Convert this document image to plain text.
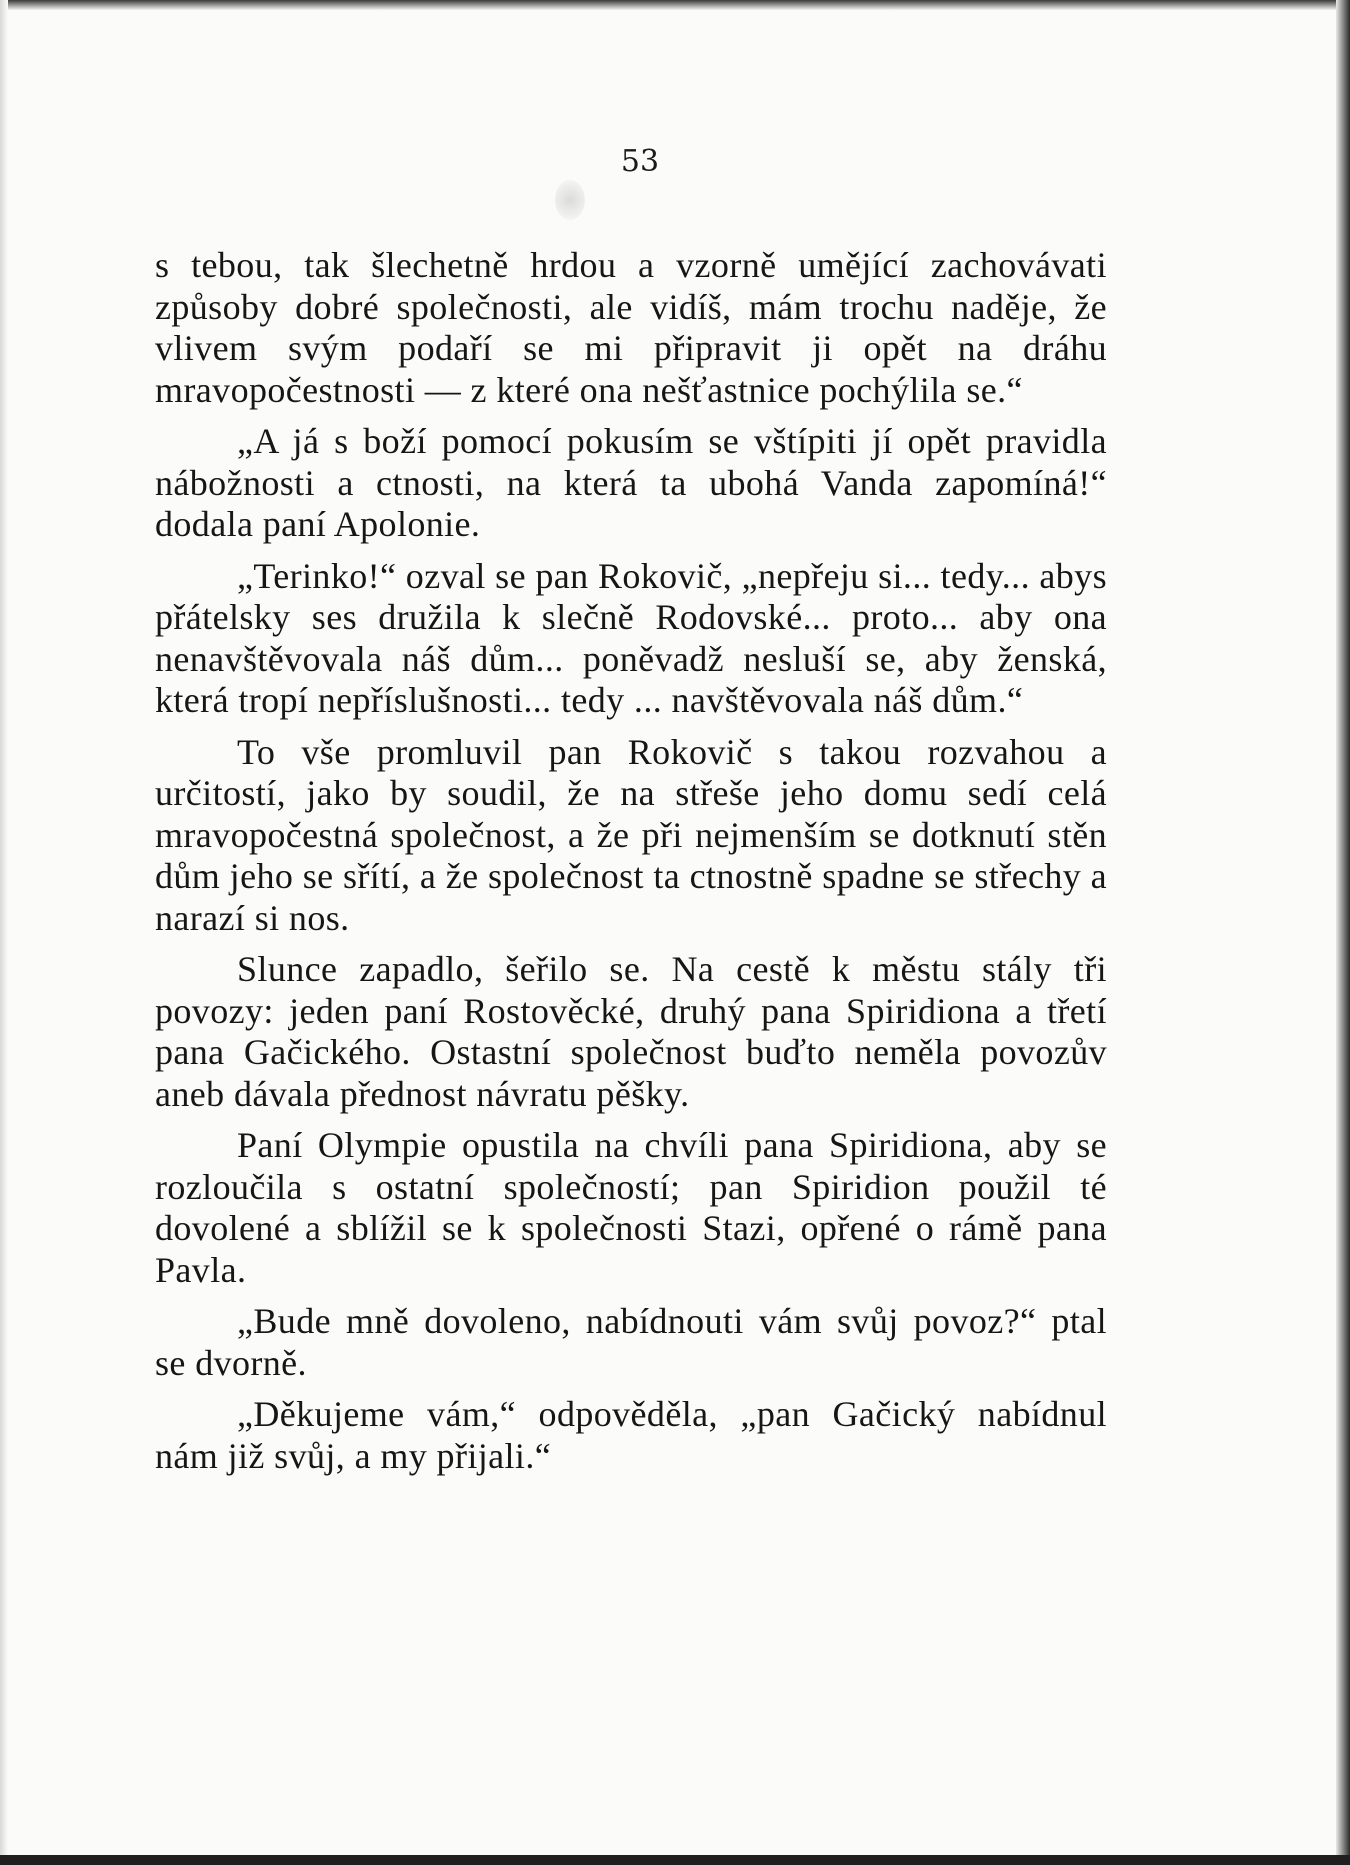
53

s tebou, tak šlechetně hrdou a vzorně umějící zachovávati způsoby dobré společnosti, ale vidíš, mám trochu naděje, že vlivem svým podaří se mi připravit ji opět na dráhu mravopočestnosti — z které ona nešťastnice pochýlila se.“

„A já s boží pomocí pokusím se vštípiti jí opět pravidla nábožnosti a ctnosti, na která ta ubohá Vanda zapomíná!“ dodala paní Apolonie.

„Terinko!“ ozval se pan Rokovič, „nepřeju si... tedy... abys přátelsky ses družila k slečně Rodovské... proto... aby ona nenavštěvovala náš dům... poněvadž nesluší se, aby ženská, která tropí nepříslušnosti... tedy ... navštěvovala náš dům.“

To vše promluvil pan Rokovič s takou rozvahou a určitostí, jako by soudil, že na střeše jeho domu sedí celá mravopočestná společnost, a že při nejmenším se dotknutí stěn dům jeho se sřítí, a že společnost ta ctnostně spadne se střechy a narazí si nos.

Slunce zapadlo, šeřilo se. Na cestě k městu stály tři povozy: jeden paní Rostověcké, druhý pana Spiridiona a třetí pana Gačického. Ostastní společnost buďto neměla povozův aneb dávala přednost návratu pěšky.

Paní Olympie opustila na chvíli pana Spiridiona, aby se rozloučila s ostatní společností; pan Spiridion použil té dovolené a sblížil se k společnosti Stazi, opřené o rámě pana Pavla.

„Bude mně dovoleno, nabídnouti vám svůj povoz?“ ptal se dvorně.

„Děkujeme vám,“ odpověděla, „pan Gačický nabídnul nám již svůj, a my přijali.“
